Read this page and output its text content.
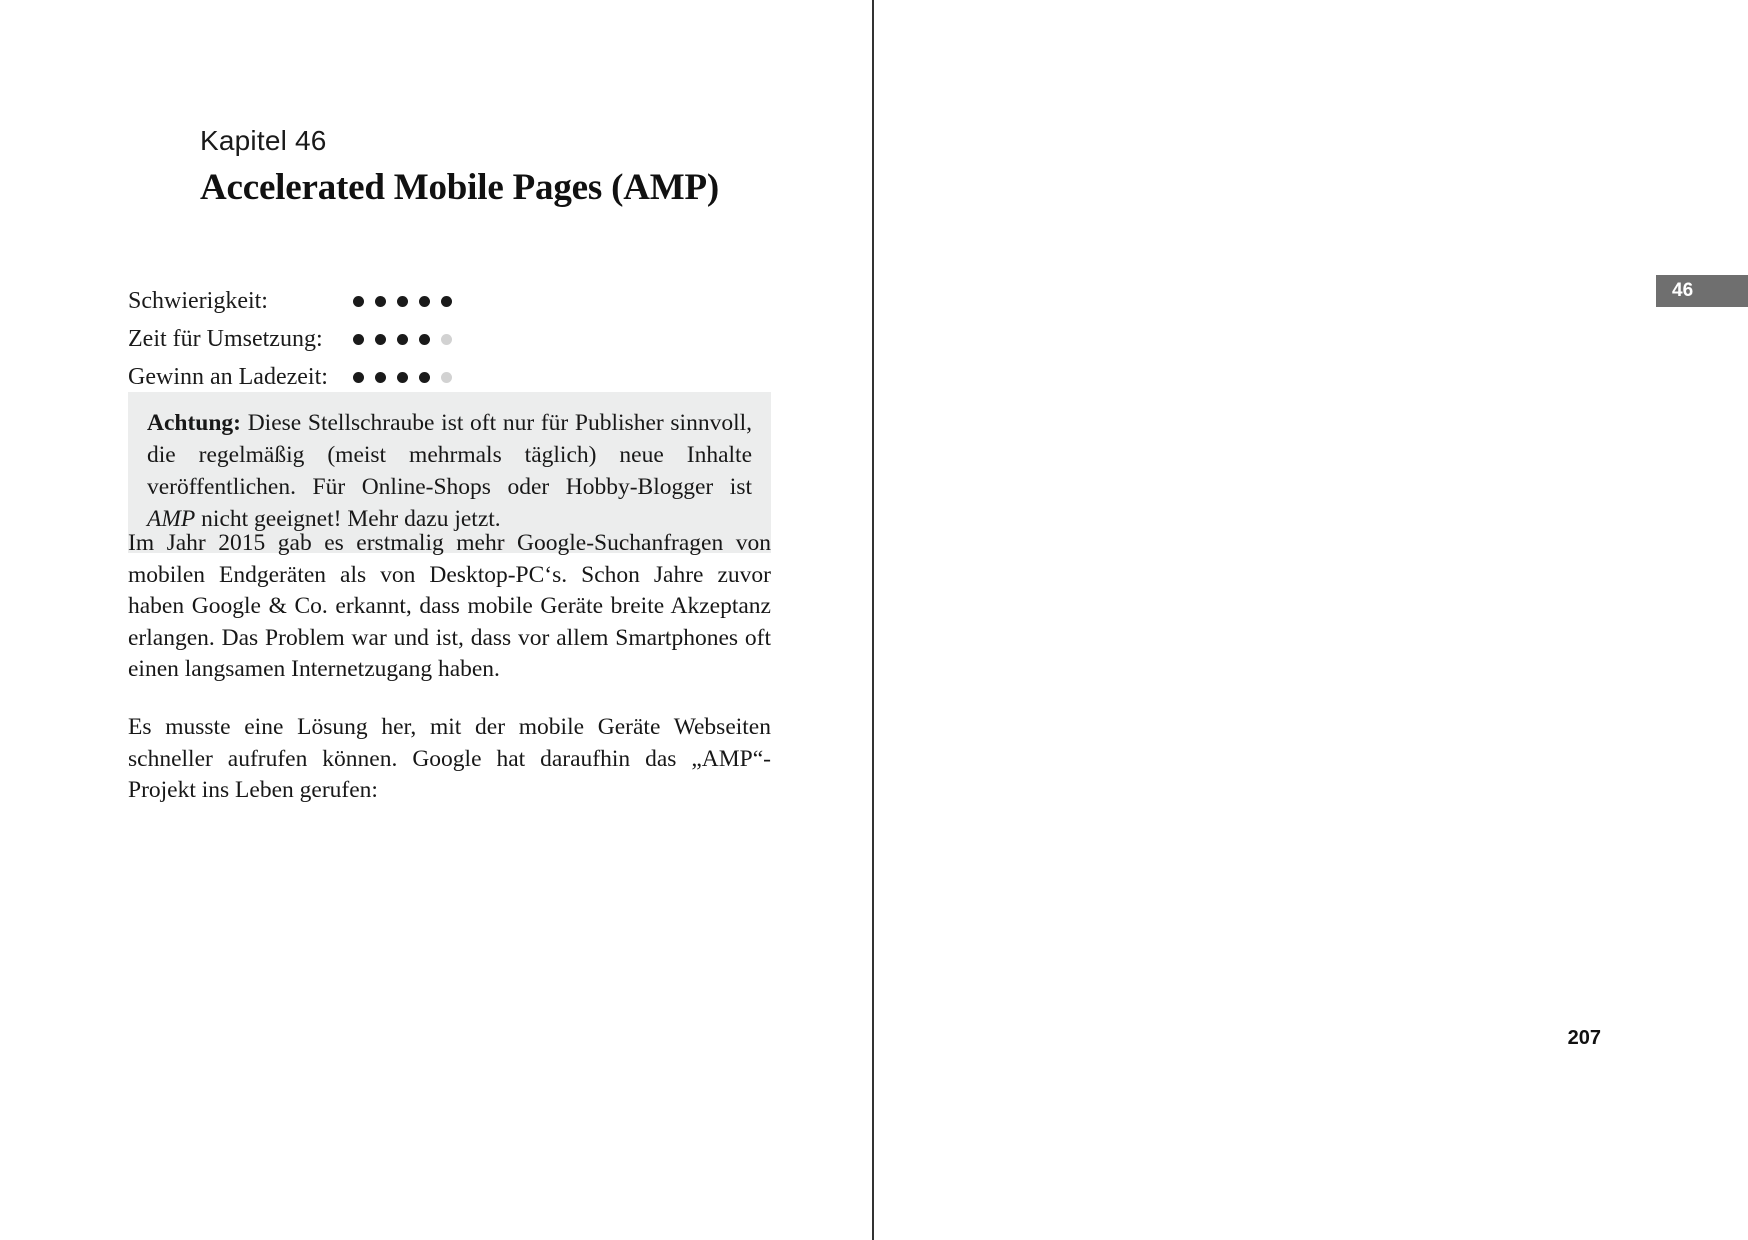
Kapitel 46
Accelerated Mobile Pages (AMP)
Schwierigkeit:
Zeit für Umsetzung:
Gewinn an Ladezeit:

Achtung: Diese Stellschraube ist oft nur für Publisher sinnvoll, die regelmäßig (meist mehrmals täglich) neue Inhalte veröffentlichen. Für Online-Shops oder Hobby-Blogger ist AMP nicht geeignet! Mehr dazu jetzt.

Im Jahr 2015 gab es erstmalig mehr Google-Suchanfragen von mobilen Endgeräten als von Desktop-PC‘s. Schon Jahre zuvor haben Google & Co. erkannt, dass mobile Geräte breite Akzeptanz erlangen. Das Problem war und ist, dass vor allem Smartphones oft einen langsamen Internetzugang haben.

Es musste eine Lösung her, mit der mobile Geräte Webseiten schneller aufrufen können. Google hat daraufhin das „AMP“-Projekt ins Leben gerufen:

46

207
